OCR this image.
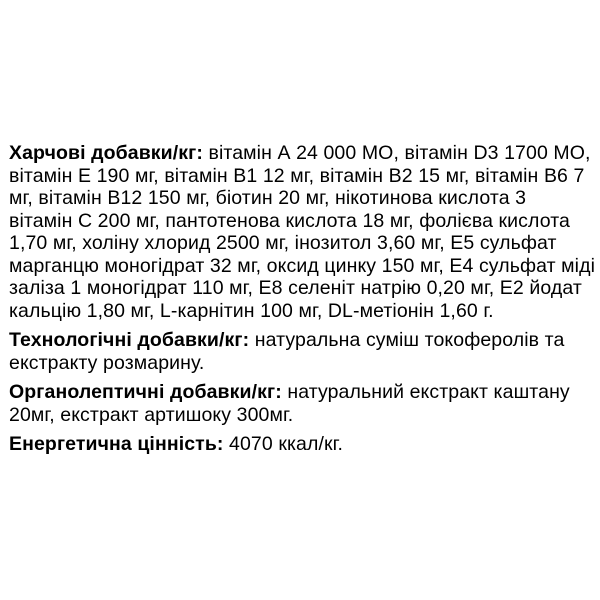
Харчові добавки/кг: вітамін А 24 000 МО, вітамін D3 1700 МО,
вітамін Е 190 мг, вітамін В1 12 мг, вітамін В2 15 мг, вітамін В6 7
мг, вітамін В12 150 мг, біотин 20 мг, нікотинова кислота 3
вітамін С 200 мг, пантотенова кислота 18 мг, фолієва кислота
1,70 мг, холіну хлорид 2500 мг, інозитол 3,60 мг, Е5 сульфат
марганцю моногідрат 32 мг, оксид цинку 150 мг, Е4 сульфат міді
заліза 1 моногідрат 110 мг, Е8 селеніт натрію 0,20 мг, Е2 йодат
кальцію 1,80 мг, L-карнітин 100 мг, DL-метіонін 1,60 г.

Технологічні добавки/кг: натуральна суміш токоферолів та
екстракту розмарину.

Органолептичні добавки/кг: натуральний екстракт каштану
20мг, екстракт артишоку 300мг.

Енергетична цінність: 4070 ккал/кг.
